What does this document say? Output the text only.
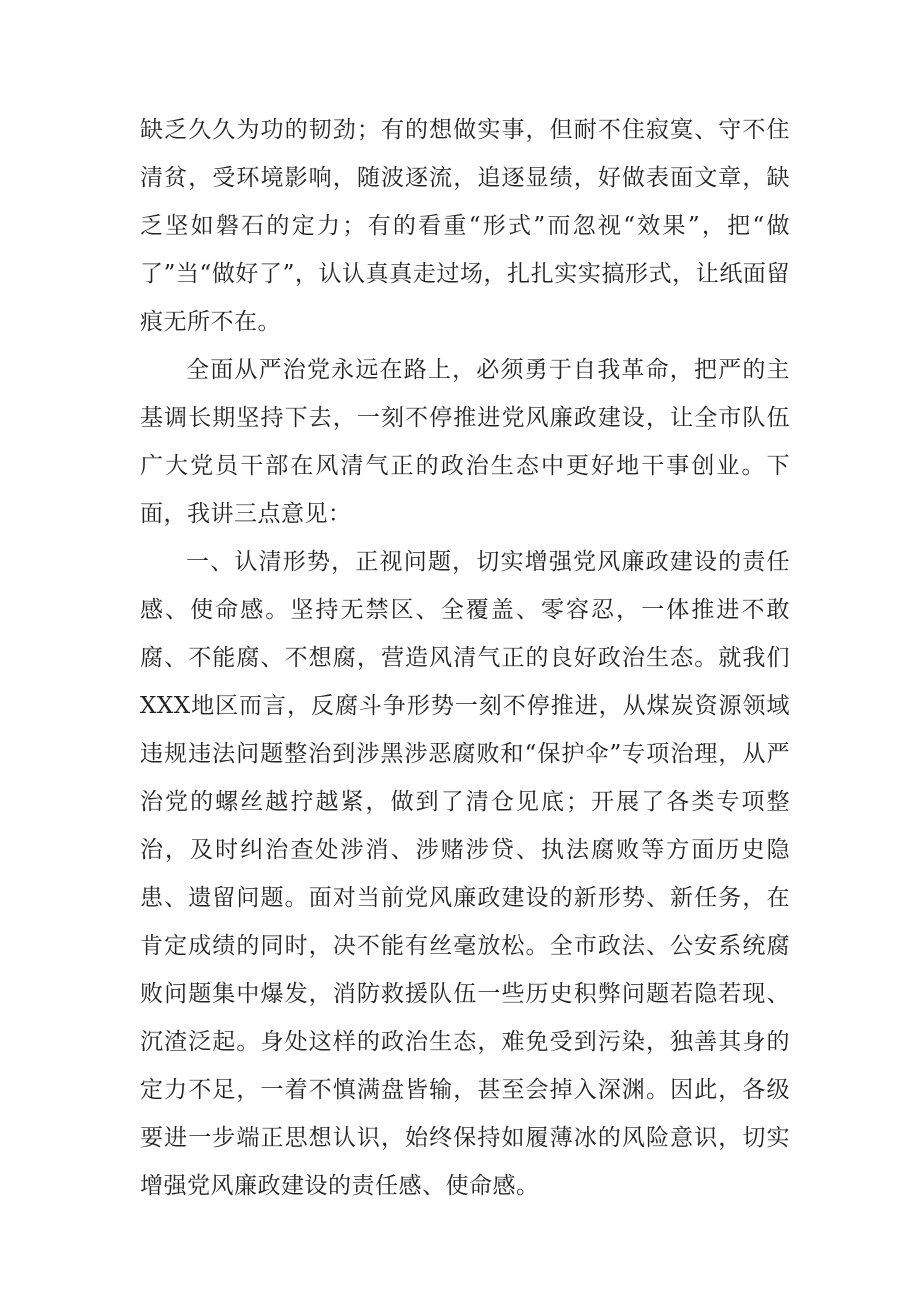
缺乏久久为功的韧劲；有的想做实事，但耐不住寂寞、守不住清贫，受环境影响，随波逐流，追逐显绩，好做表面文章，缺乏坚如磐石的定力；有的看重“形式”而忽视“效果”，把“做了”当“做好了”，认认真真走过场，扎扎实实搞形式，让纸面留痕无所不在。

全面从严治党永远在路上，必须勇于自我革命，把严的主基调长期坚持下去，一刻不停推进党风廉政建设，让全市队伍广大党员干部在风清气正的政治生态中更好地干事创业。下面，我讲三点意见：

一、认清形势，正视问题，切实增强党风廉政建设的责任感、使命感。坚持无禁区、全覆盖、零容忍，一体推进不敢腐、不能腐、不想腐，营造风清气正的良好政治生态。就我们XXX地区而言，反腐斗争形势一刻不停推进，从煤炭资源领域违规违法问题整治到涉黑涉恶腐败和“保护伞”专项治理，从严治党的螺丝越拧越紧，做到了清仓见底；开展了各类专项整治，及时纠治查处涉消、涉赌涉贷、执法腐败等方面历史隐患、遗留问题。面对当前党风廉政建设的新形势、新任务，在肯定成绩的同时，决不能有丝毫放松。全市政法、公安系统腐败问题集中爆发，消防救援队伍一些历史积弊问题若隐若现、沉渣泛起。身处这样的政治生态，难免受到污染，独善其身的定力不足，一着不慎满盘皆输，甚至会掉入深渊。因此，各级要进一步端正思想认识，始终保持如履薄冰的风险意识，切实增强党风廉政建设的责任感、使命感。
